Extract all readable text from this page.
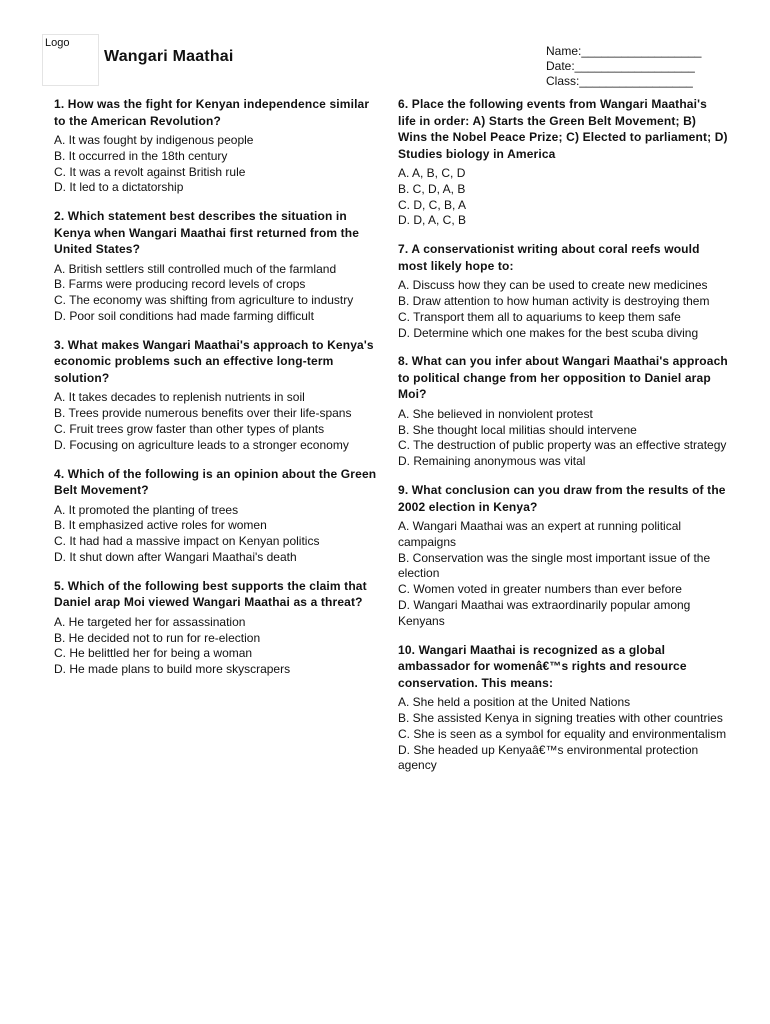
Logo
Wangari Maathai	Name:__________________
Date:__________________
Class:_________________
1. How was the fight for Kenyan independence similar to the American Revolution?
A. It was fought by indigenous people
B. It occurred in the 18th century
C. It was a revolt against British rule
D. It led to a dictatorship
2. Which statement best describes the situation in Kenya when Wangari Maathai first returned from the United States?
A. British settlers still controlled much of the farmland
B. Farms were producing record levels of crops
C. The economy was shifting from agriculture to industry
D. Poor soil conditions had made farming difficult
3. What makes Wangari Maathai's approach to Kenya's economic problems such an effective long-term solution?
A. It takes decades to replenish nutrients in soil
B. Trees provide numerous benefits over their life-spans
C. Fruit trees grow faster than other types of plants
D. Focusing on agriculture leads to a stronger economy
4. Which of the following is an opinion about the Green Belt Movement?
A. It promoted the planting of trees
B. It emphasized active roles for women
C. It had had a massive impact on Kenyan politics
D. It shut down after Wangari Maathai's death
5. Which of the following best supports the claim that Daniel arap Moi viewed Wangari Maathai as a threat?
A. He targeted her for assassination
B. He decided not to run for re-election
C. He belittled her for being a woman
D. He made plans to build more skyscrapers
6. Place the following events from Wangari Maathai's life in order: A) Starts the Green Belt Movement; B) Wins the Nobel Peace Prize; C) Elected to parliament; D) Studies biology in America
A. A, B, C, D
B. C, D, A, B
C. D, C, B, A
D. D, A, C, B
7. A conservationist writing about coral reefs would most likely hope to:
A. Discuss how they can be used to create new medicines
B. Draw attention to how human activity is destroying them
C. Transport them all to aquariums to keep them safe
D. Determine which one makes for the best scuba diving
8. What can you infer about Wangari Maathai's approach to political change from her opposition to Daniel arap Moi?
A. She believed in nonviolent protest
B. She thought local militias should intervene
C. The destruction of public property was an effective strategy
D. Remaining anonymous was vital
9. What conclusion can you draw from the results of the 2002 election in Kenya?
A. Wangari Maathai was an expert at running political campaigns
B. Conservation was the single most important issue of the election
C. Women voted in greater numbers than ever before
D. Wangari Maathai was extraordinarily popular among Kenyans
10. Wangari Maathai is recognized as a global ambassador for womenâ€™s rights and resource conservation. This means:
A. She held a position at the United Nations
B. She assisted Kenya in signing treaties with other countries
C. She is seen as a symbol for equality and environmentalism
D. She headed up Kenyaâ€™s environmental protection agency
